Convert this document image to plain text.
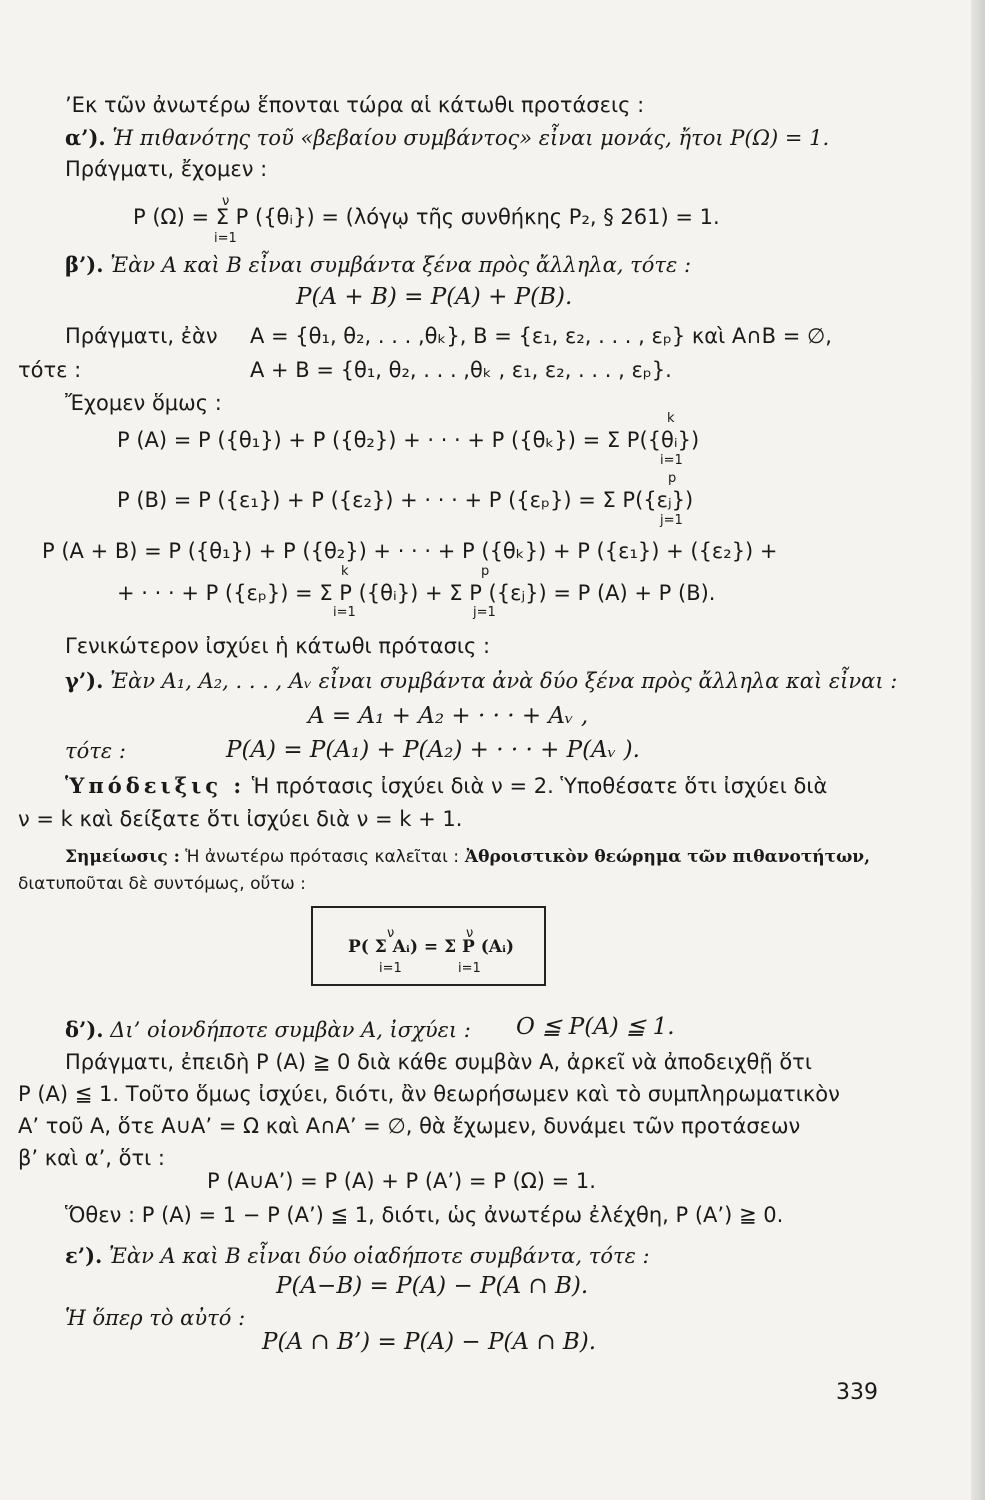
’Εκ τῶν ἀνωτέρω ἕπονται τώρα αἱ κάτωθι προτάσεις :
α’). Ἡ πιθανότης τοῦ «βεβαίου συμβάντος» εἶναι μονάς, ἤτοι P(Ω) = 1.
Πράγματι, ἔχομεν :
P (Ω) = Σ P ({θᵢ}) = (λόγῳ τῆς συνθήκης P₂, § 261) = 1.
ν
i=1
β’). Ἐὰν A καὶ B εἶναι συμβάντα ξένα πρὸς ἄλληλα, τότε :
P(A + B) = P(A) + P(B).
Πράγματι, ἐὰν A = {θ₁, θ₂, . . . ,θₖ}, B = {ε₁, ε₂, . . . , εₚ} καὶ A∩B = ∅,
τότε :	A + B = {θ₁, θ₂, . . . ,θₖ , ε₁, ε₂, . . . , εₚ}.
Ἔχομεν ὅμως :
P (A) = P ({θ₁}) + P ({θ₂}) + · · · + P ({θₖ}) = Σ P({θᵢ})
k
i=1
P (B) = P ({ε₁}) + P ({ε₂}) + · · · + P ({εₚ}) = Σ P({εⱼ})
p
j=1
P (A + B) = P ({θ₁}) + P ({θ₂}) + · · · + P ({θₖ}) + P ({ε₁}) + ({ε₂}) +
+ · · · + P ({εₚ}) = Σ P ({θᵢ}) + Σ P ({εⱼ}) = P (A) + P (B).
k
i=1
p
j=1
Γενικώτερον ἰσχύει ἡ κάτωθι πρότασις :
γ’). Ἐὰν A₁, A₂, . . . , Aᵥ εἶναι συμβάντα ἀνὰ δύο ξένα πρὸς ἄλληλα καὶ εἶναι :
A = A₁ + A₂ + · · · + Aᵥ ,
τότε :	P(A) = P(A₁) + P(A₂) + · · · + P(Aᵥ ).
Ὑπόδειξις : Ἡ πρότασις ἰσχύει διὰ ν = 2. Ὑποθέσατε ὅτι ἰσχύει διὰ
ν = k καὶ δείξατε ὅτι ἰσχύει διὰ ν = k + 1.
Σημείωσις : Ἡ ἀνωτέρω πρότασις καλεῖται : Ἀθροιστικὸν θεώρημα τῶν πιθανοτήτων,
διατυποῦται δὲ συντόμως, οὕτω :
P( Σ Aᵢ) = Σ P (Aᵢ)
ν
i=1
ν
i=1
δ’). Δι’ οἱονδήποτε συμβὰν A, ἰσχύει : O ≦ P(A) ≦ 1.
Πράγματι, ἐπειδὴ P (A) ≧ 0 διὰ κάθε συμβὰν A, ἀρκεῖ νὰ ἀποδειχθῇ ὅτι
P (A) ≦ 1. Τοῦτο ὅμως ἰσχύει, διότι, ἂν θεωρήσωμεν καὶ τὸ συμπληρωματικὸν
A’ τοῦ A, ὅτε A∪A’ = Ω καὶ A∩A’ = ∅, θὰ ἔχωμεν, δυνάμει τῶν προτάσεων
β’ καὶ α’, ὅτι :
P (A∪A’) = P (A) + P (A’) = P (Ω) = 1.
Ὅθεν : P (A) = 1 − P (A’) ≦ 1, διότι, ὡς ἀνωτέρω ἐλέχθη, P (A’) ≧ 0.
ε’). Ἐὰν A καὶ B εἶναι δύο οἱαδήποτε συμβάντα, τότε :
P(A−B) = P(A) − P(A ∩ B).
Ἡ ὅπερ τὸ αὐτό :
P(A ∩ B’) = P(A) − P(A ∩ B).
339
